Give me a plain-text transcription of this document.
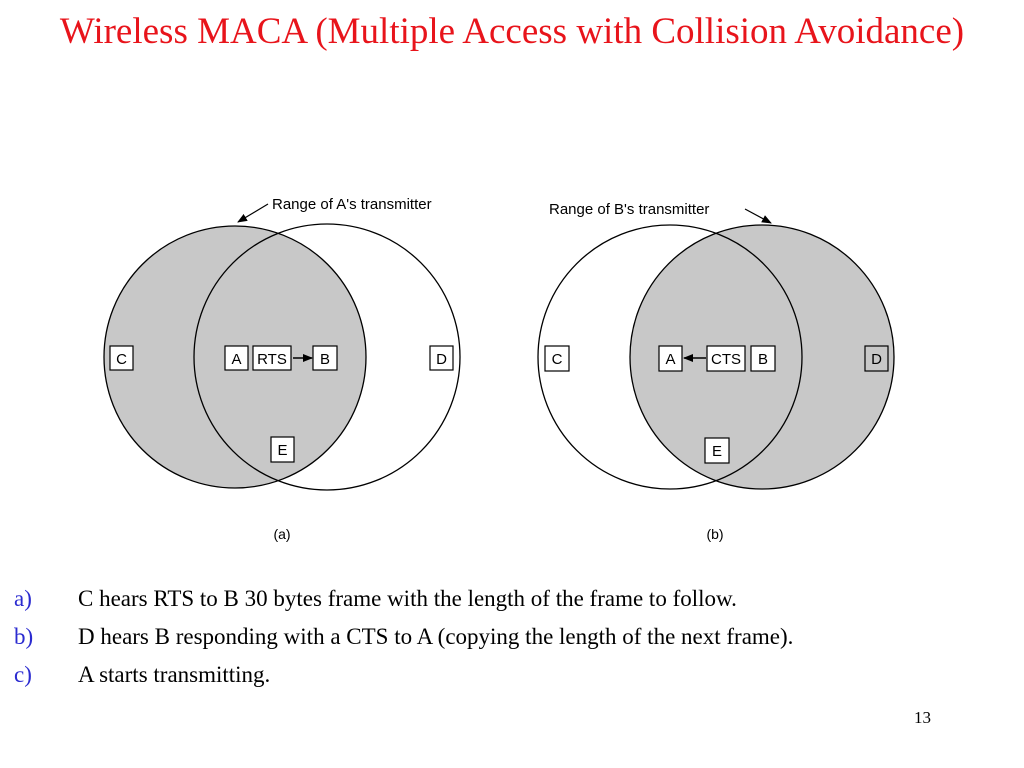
Wireless MACA (Multiple Access with Collision Avoidance)
Range of A's transmitter
C	A RTS B	D
E
(a)
Range of B's transmitter
C	A CTS B	D
E
(b)
a) C hears RTS to B 30 bytes frame with the length of the frame to follow.
b) D hears B responding with a CTS to A (copying the length of the next frame).
c) A starts transmitting.
13
